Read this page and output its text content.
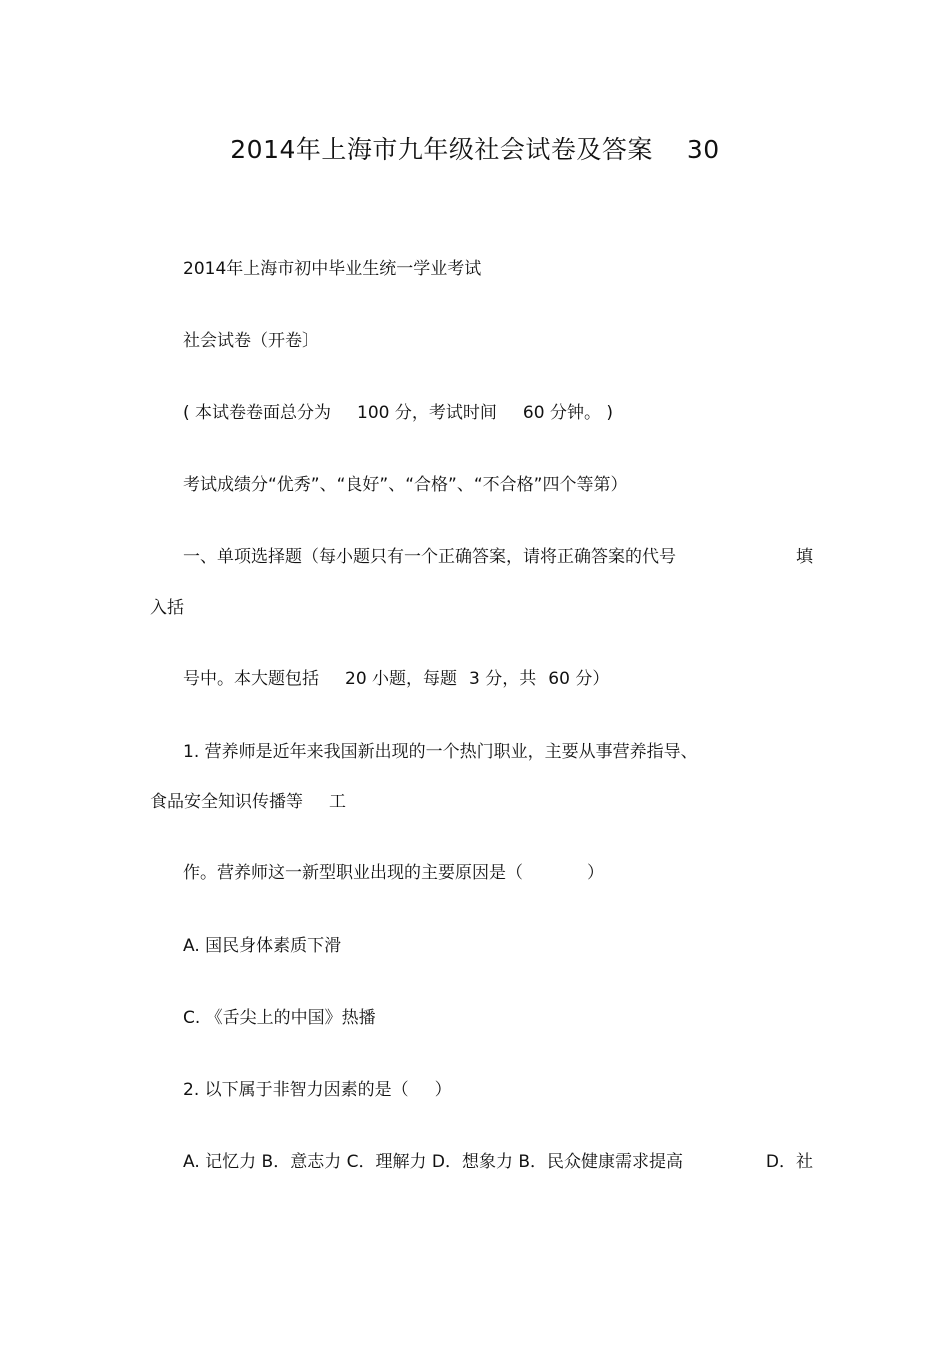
2014年上海市九年级社会试卷及答案 30
2014年上海市初中毕业生统一学业考试
社会试卷（开卷〕
( 本试卷卷面总分为 100 分，考试时间 60 分钟。 )
考试成绩分“优秀”、“良好”、“合格”、“不合格”四个等第）
一、单项选择题（每小题只有一个正确答案，请将正确答案的代号	填
入括
号中。本大题包括 20 小题，每题 3 分，共 60 分）
1. 营养师是近年来我国新出现的一个热门职业，主要从事营养指导、
食品安全知识传播等 工
作。营养师这一新型职业出现的主要原因是（	）
A. 国民身体素质下滑
C. 《舌尖上的中国》热播
2. 以下属于非智力因素的是（ ）
A. 记忆力 B．意志力 C．理解力 D．想象力 B．民众健康需求提高	D．社
